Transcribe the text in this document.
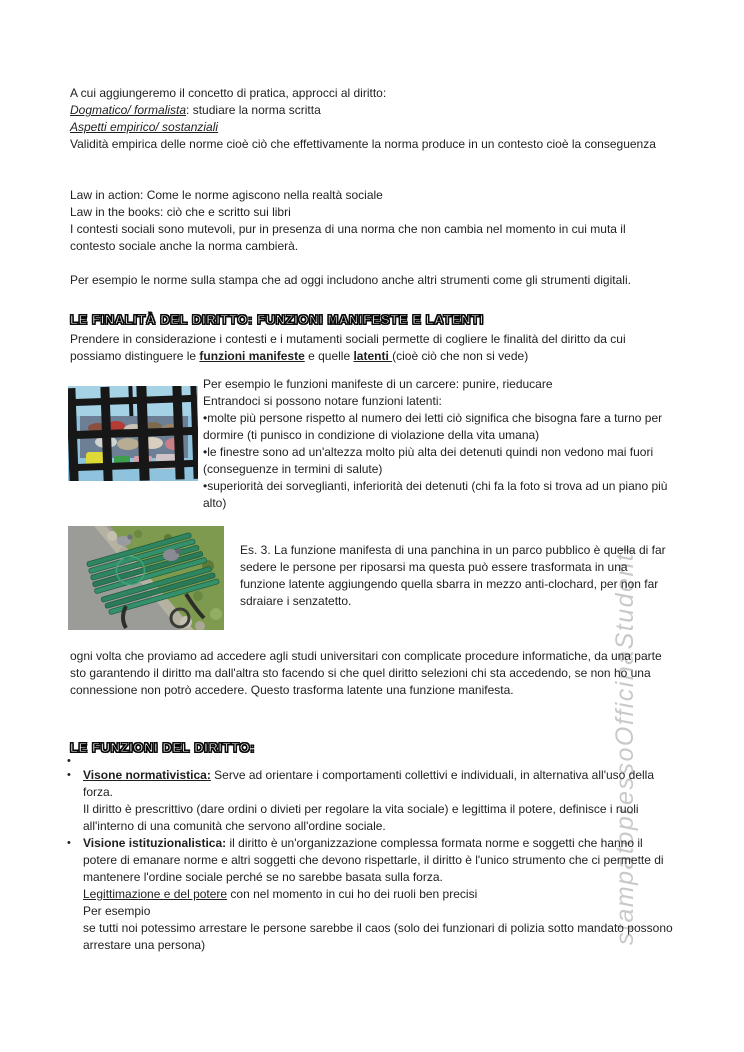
stampatopressoOfficinaStudenti
A cui aggiungeremo il concetto di pratica, approcci al diritto:
Dogmatico/ formalista: studiare la norma scritta
Aspetti empirico/ sostanziali
Validità empirica delle norme cioè ciò che effettivamente la norma produce in un contesto cioè la conseguenza
Law in action: Come le norme agiscono nella realtà sociale
Law in the books: ciò che e scritto sui libri
I contesti sociali sono mutevoli, pur in presenza di una norma che non cambia nel momento in cui muta il contesto sociale anche la norma cambierà.
Per esempio le norme sulla stampa che ad oggi includono anche altri strumenti come gli strumenti digitali.
LE FINALITÀ DEL DIRITTO: FUNZIONI MANIFESTE E LATENTI
Prendere in considerazione i contesti e i mutamenti sociali permette di cogliere le finalità del diritto da cui possiamo distinguere le funzioni manifeste e quelle latenti (cioè ciò che non si vede)
Per esempio le funzioni manifeste di un carcere: punire, rieducare
Entrandoci si possono notare funzioni latenti:
•molte più persone rispetto al numero dei letti ciò significa che bisogna fare a turno per dormire (ti punisco in condizione di violazione della vita umana)
•le finestre sono ad un'altezza molto più alta dei detenuti quindi non vedono mai fuori (conseguenze in termini di salute)
•superiorità dei sorveglianti, inferiorità dei detenuti (chi fa la foto si trova ad un piano più alto)
Es. 3. La funzione manifesta di una panchina in un parco pubblico è quella di far sedere le persone per riposarsi ma questa può essere trasformata in una funzione latente aggiungendo quella sbarra in mezzo anti-clochard, per non far sdraiare i senzatetto.
ogni volta che proviamo ad accedere agli studi universitari con complicate procedure informatiche, da una parte sto garantendo il diritto ma dall'altra sto facendo si che quel diritto selezioni chi sta accedendo, se non ho una connessione non potrò accedere. Questo trasforma latente una funzione manifesta.
LE FUNZIONI DEL DIRITTO:
•
•	Visone normativistica: Serve ad orientare i comportamenti collettivi e individuali, in alternativa all'uso della forza.
Il diritto è prescrittivo (dare ordini o divieti per regolare la vita sociale) e legittima il potere, definisce i ruoli all'interno di una comunità che servono all'ordine sociale.
•	Visione istituzionalistica: il diritto è un'organizzazione complessa formata norme e soggetti che hanno il potere di emanare norme e altri soggetti che devono rispettarle, il diritto è l'unico strumento che ci permette di mantenere l'ordine sociale perché se no sarebbe basata sulla forza.
Legittimazione e del potere con nel momento in cui ho dei ruoli ben precisi
Per esempio
se tutti noi potessimo arrestare le persone sarebbe il caos (solo dei funzionari di polizia sotto mandato possono arrestare una persona)
